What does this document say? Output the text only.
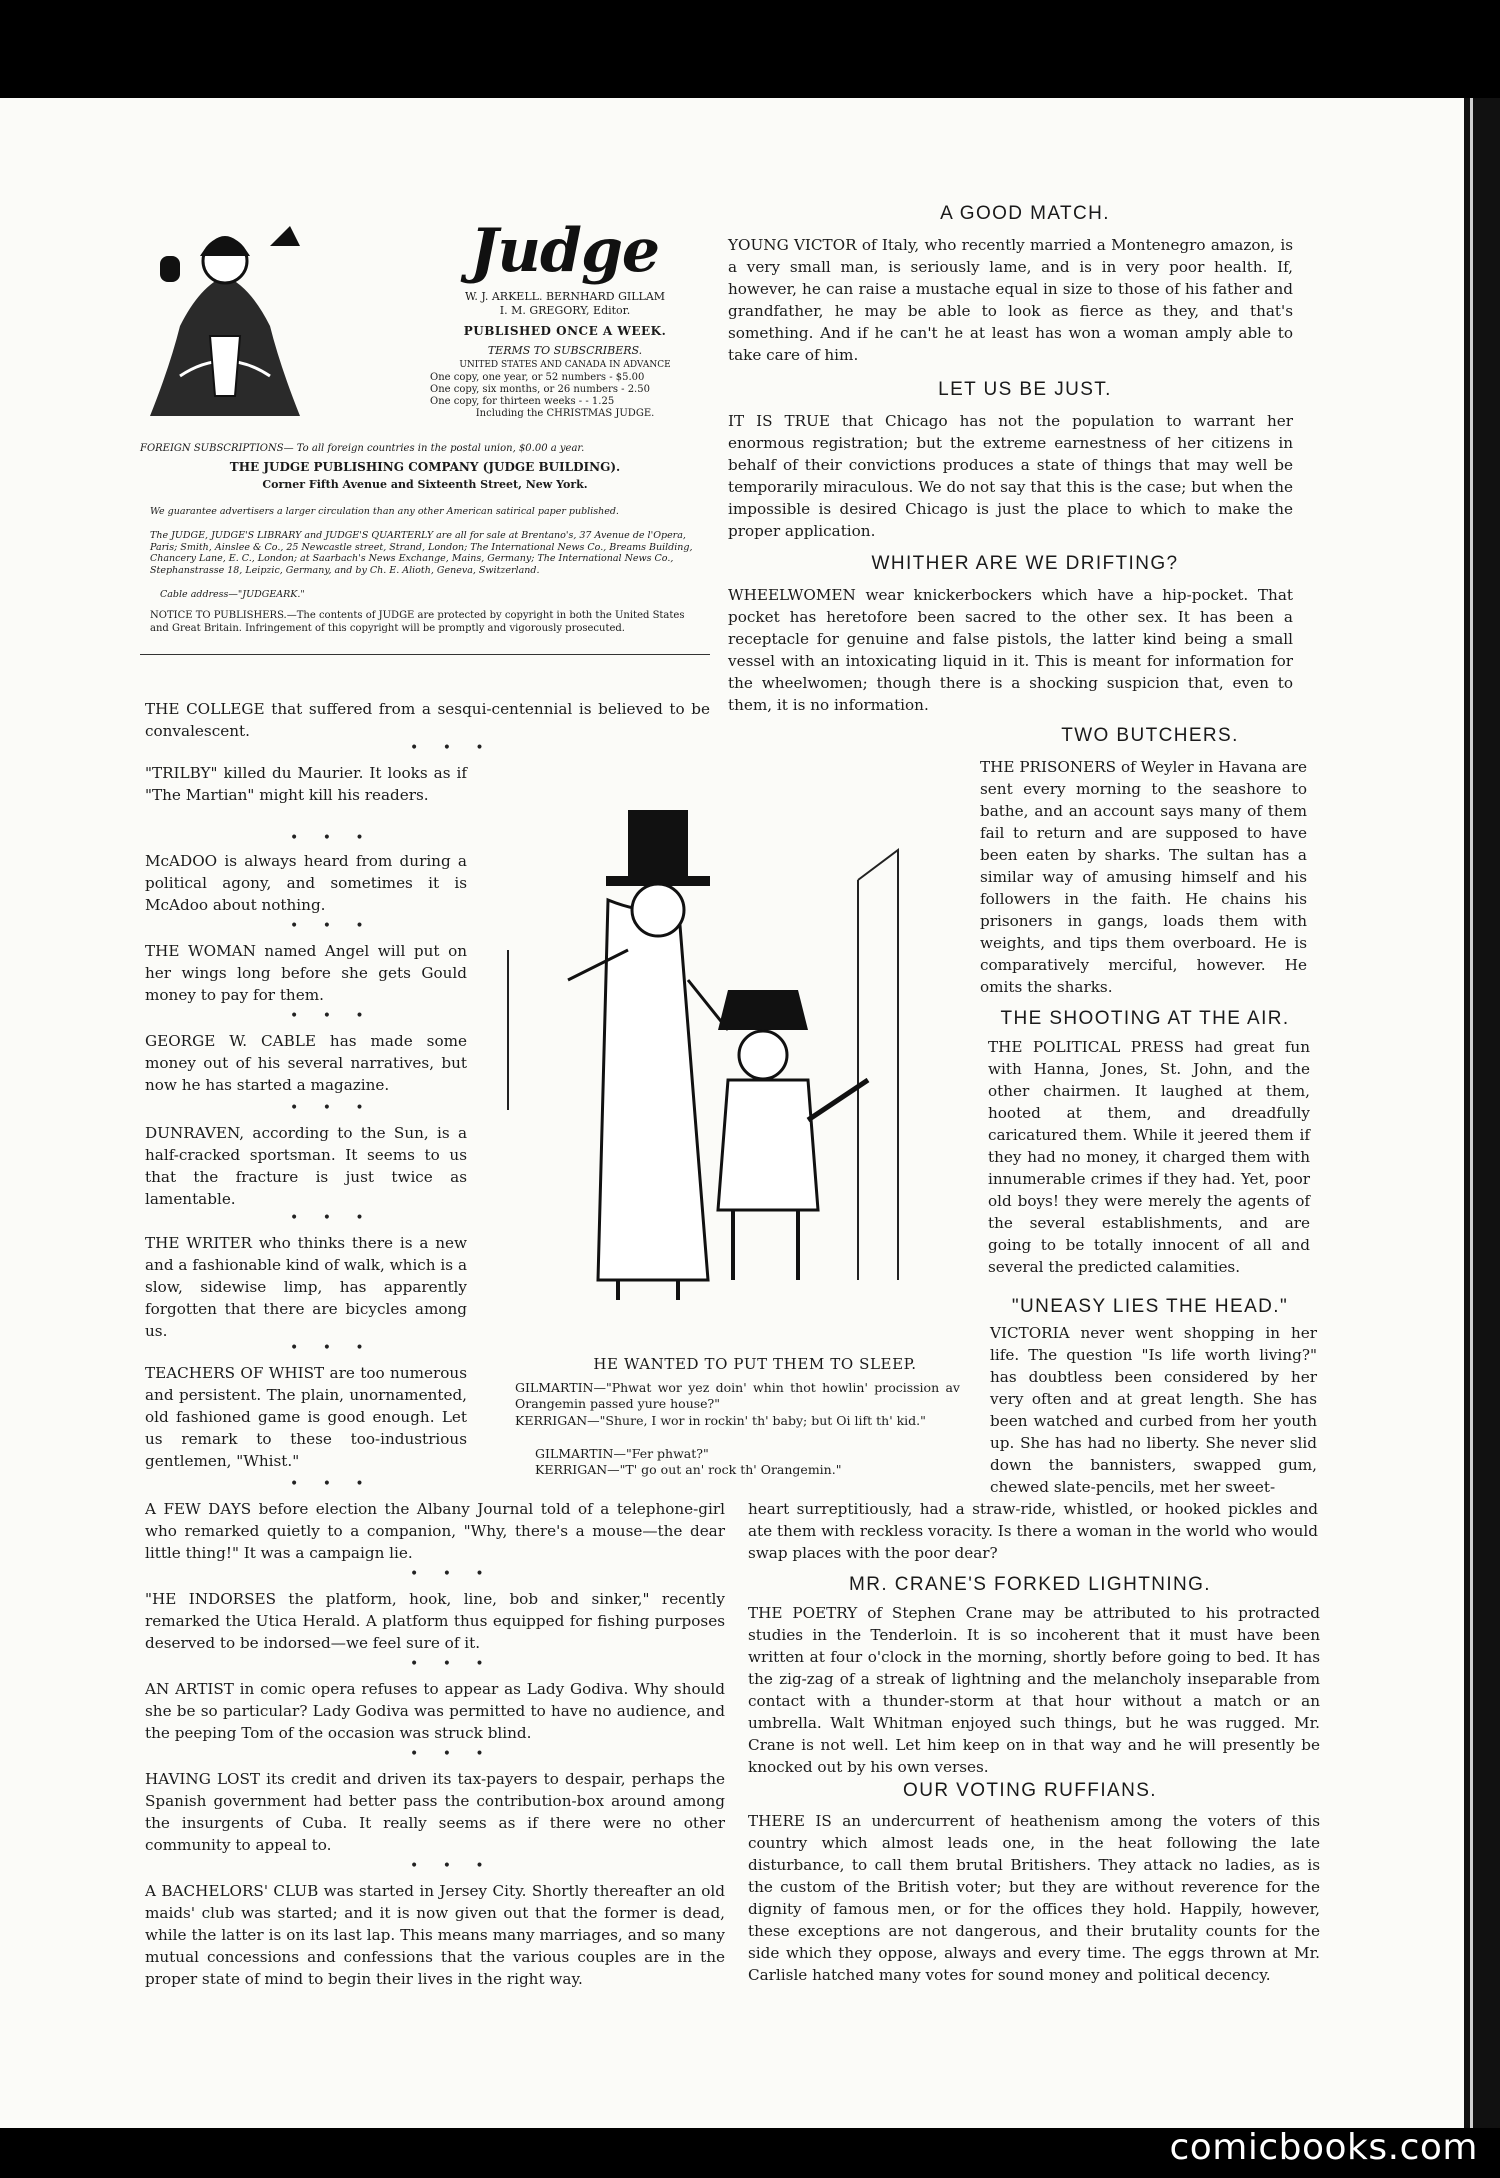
Judge
W. J. ARKELL. BERNHARD GILLAM
I. M. GREGORY, Editor.
PUBLISHED ONCE A WEEK.
TERMS TO SUBSCRIBERS.
UNITED STATES AND CANADA IN ADVANCE
One copy, one year, or 52 numbers - $5.00
One copy, six months, or 26 numbers - 2.50
One copy, for thirteen weeks - - 1.25
Including the CHRISTMAS JUDGE.
FOREIGN SUBSCRIPTIONS— To all foreign countries in the postal union, $0.00 a year.
THE JUDGE PUBLISHING COMPANY (JUDGE BUILDING).
Corner Fifth Avenue and Sixteenth Street, New York.
We guarantee advertisers a larger circulation than any other American satirical paper published.
The JUDGE, JUDGE'S LIBRARY and JUDGE'S QUARTERLY are all for sale at Brentano's, 37 Avenue de l'Opera, Paris; Smith, Ainslee & Co., 25 Newcastle street, Strand, London; The International News Co., Breams Building, Chancery Lane, E. C., London; at Saarbach's News Exchange, Mains, Germany; The International News Co., Stephanstrasse 18, Leipzic, Germany, and by Ch. E. Alioth, Geneva, Switzerland.
Cable address—"JUDGEARK."
NOTICE TO PUBLISHERS.—The contents of JUDGE are protected by copyright in both the United States and Great Britain. Infringement of this copyright will be promptly and vigorously prosecuted.
THE COLLEGE that suffered from a sesqui-centennial is believed to be convalescent.
• • •
"TRILBY" killed du Maurier. It looks as if "The Martian" might kill his readers.
• • •
McADOO is always heard from during a political agony, and sometimes it is McAdoo about nothing.
• • •
THE WOMAN named Angel will put on her wings long before she gets Gould money to pay for them.
• • •
GEORGE W. CABLE has made some money out of his several narratives, but now he has started a magazine.
• • •
DUNRAVEN, according to the Sun, is a half-cracked sportsman. It seems to us that the fracture is just twice as lamentable.
• • •
THE WRITER who thinks there is a new and a fashionable kind of walk, which is a slow, sidewise limp, has apparently forgotten that there are bicycles among us.
• • •
TEACHERS OF WHIST are too numerous and persistent. The plain, unornamented, old fashioned game is good enough. Let us remark to these too-industrious gentlemen, "Whist."
• • •
A FEW DAYS before election the Albany Journal told of a telephone-girl who remarked quietly to a companion, "Why, there's a mouse—the dear little thing!" It was a campaign lie.
• • •
"HE INDORSES the platform, hook, line, bob and sinker," recently remarked the Utica Herald. A platform thus equipped for fishing purposes deserved to be indorsed—we feel sure of it.
• • •
AN ARTIST in comic opera refuses to appear as Lady Godiva. Why should she be so particular? Lady Godiva was permitted to have no audience, and the peeping Tom of the occasion was struck blind.
• • •
HAVING LOST its credit and driven its tax-payers to despair, perhaps the Spanish government had better pass the contribution-box around among the insurgents of Cuba. It really seems as if there were no other community to appeal to.
• • •
A BACHELORS' CLUB was started in Jersey City. Shortly thereafter an old maids' club was started; and it is now given out that the former is dead, while the latter is on its last lap. This means many marriages, and so many mutual concessions and confessions that the various couples are in the proper state of mind to begin their lives in the right way.
A GOOD MATCH.
YOUNG VICTOR of Italy, who recently married a Montenegro amazon, is a very small man, is seriously lame, and is in very poor health. If, however, he can raise a mustache equal in size to those of his father and grandfather, he may be able to look as fierce as they, and that's something. And if he can't he at least has won a woman amply able to take care of him.
LET US BE JUST.
IT IS TRUE that Chicago has not the population to warrant her enormous registration; but the extreme earnestness of her citizens in behalf of their convictions produces a state of things that may well be temporarily miraculous. We do not say that this is the case; but when the impossible is desired Chicago is just the place to which to make the proper application.
WHITHER ARE WE DRIFTING?
WHEELWOMEN wear knickerbockers which have a hip-pocket. That pocket has heretofore been sacred to the other sex. It has been a receptacle for genuine and false pistols, the latter kind being a small vessel with an intoxicating liquid in it. This is meant for information for the wheelwomen; though there is a shocking suspicion that, even to them, it is no information.
TWO BUTCHERS.
THE PRISONERS of Weyler in Havana are sent every morning to the seashore to bathe, and an account says many of them fail to return and are supposed to have been eaten by sharks. The sultan has a similar way of amusing himself and his followers in the faith. He chains his prisoners in gangs, loads them with weights, and tips them overboard. He is comparatively merciful, however. He omits the sharks.
THE SHOOTING AT THE AIR.
THE POLITICAL PRESS had great fun with Hanna, Jones, St. John, and the other chairmen. It laughed at them, hooted at them, and dreadfully caricatured them. While it jeered them if they had no money, it charged them with innumerable crimes if they had. Yet, poor old boys! they were merely the agents of the several establishments, and are going to be totally innocent of all and several the predicted calamities.
"UNEASY LIES THE HEAD."
VICTORIA never went shopping in her life. The question "Is life worth living?" has doubtless been considered by her very often and at great length. She has been watched and curbed from her youth up. She has had no liberty. She never slid down the bannisters, swapped gum, chewed slate-pencils, met her sweet-
heart surreptitiously, had a straw-ride, whistled, or hooked pickles and ate them with reckless voracity. Is there a woman in the world who would swap places with the poor dear?
MR. CRANE'S FORKED LIGHTNING.
THE POETRY of Stephen Crane may be attributed to his protracted studies in the Tenderloin. It is so incoherent that it must have been written at four o'clock in the morning, shortly before going to bed. It has the zig-zag of a streak of lightning and the melancholy inseparable from contact with a thunder-storm at that hour without a match or an umbrella. Walt Whitman enjoyed such things, but he was rugged. Mr. Crane is not well. Let him keep on in that way and he will presently be knocked out by his own verses.
OUR VOTING RUFFIANS.
THERE IS an undercurrent of heathenism among the voters of this country which almost leads one, in the heat following the late disturbance, to call them brutal Britishers. They attack no ladies, as is the custom of the British voter; but they are without reverence for the dignity of famous men, or for the offices they hold. Happily, however, these exceptions are not dangerous, and their brutality counts for the side which they oppose, always and every time. The eggs thrown at Mr. Carlisle hatched many votes for sound money and political decency.
HE WANTED TO PUT THEM TO SLEEP.
GILMARTIN—"Phwat wor yez doin' whin thot howlin' procission av Orangemin passed yure house?"
KERRIGAN—"Shure, I wor in rockin' th' baby; but Oi lift th' kid."
GILMARTIN—"Fer phwat?"
KERRIGAN—"T' go out an' rock th' Orangemin."
comicbooks.com
